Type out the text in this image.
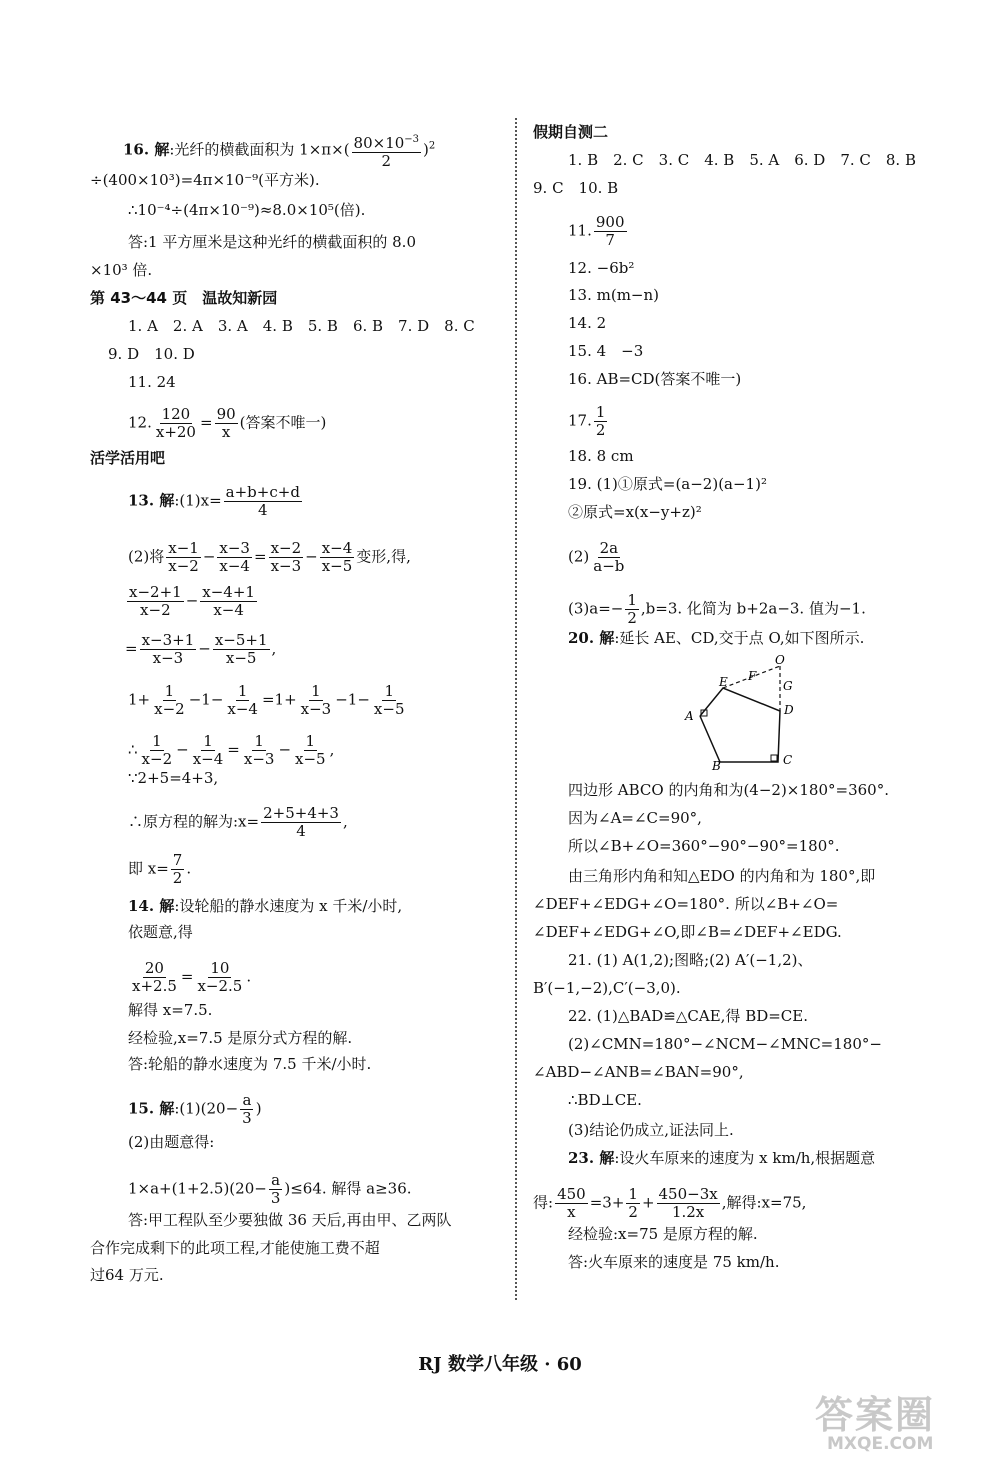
16. 解:光纤的横截面积为 $1\times\pi\times( \frac{80\times 10^{-3}}{2} )^2$
÷(400×10³)=4π×10⁻⁹(平方米).
∴10⁻⁴÷(4π×10⁻⁹)≈8.0×10⁵(倍).
答:1 平方厘米是这种光纤的横截面积的 8.0
×10³ 倍.
第 43～44 页　温故知新园
1. A　2. A　3. A　4. B　5. B　6. B　7. D　8. C
9. D　10. D
11. 24
12. $\frac{120}{x+20} = \frac{90}{x}$ (答案不唯一)
活学活用吧
13. 解:(1)x= $\frac{a+b+c+d}{4}$
(2)将 $\frac{x-1}{x-2} - \frac{x-3}{x-4} = \frac{x-2}{x-3} - \frac{x-4}{x-5}$ 变形,得,
$\frac{x-2+1}{x-2} - \frac{x-4+1}{x-4}$
= $\frac{x-3+1}{x-3} - \frac{x-5+1}{x-5}$ ,
$1+ \frac{1}{x-2} -1- \frac{1}{x-4} =1+ \frac{1}{x-3} -1- \frac{1}{x-5}$
∴ $\frac{1}{x-2} - \frac{1}{x-4} = \frac{1}{x-3} - \frac{1}{x-5}$ ,
∵2+5=4+3,
∴原方程的解为:x= $\frac{2+5+4+3}{4}$ ,
即 $x= \frac{7}{2}$ .
14. 解:设轮船的静水速度为 x 千米/小时,
依题意,得
$\frac{20}{x+2.5} = \frac{10}{x-2.5}$ .
解得 x=7.5.
经检验,x=7.5 是原分式方程的解.
答:轮船的静水速度为 7.5 千米/小时.
15. 解:(1)(20− $\frac{a}{3}$ )
(2)由题意得:
$1\times a+(1+2.5)(20- \frac{a}{3} )\le 64$. 解得 a≥36.
答:甲工程队至少要独做 36 天后,再由甲、乙两队
合作完成剩下的此项工程,才能使施工费不超
过64 万元.
假期自测二
1. B　2. C　3. C　4. B　5. A　6. D　7. C　8. B
9. C　10. B
11. $\frac{900}{7}$
12. −6b²
13. m(m−n)
14. 2
15. 4　−3
16. AB=CD(答案不唯一)
17. $\frac{1}{2}$
18. 8 cm
19. (1)①原式=(a−2)(a−1)²
②原式=x(x−y+z)²
$(2) \frac{2a}{a-b}$
$(3)a=- \frac{1}{2} ,b=3$. 化简为 b+2a−3. 值为−1.
20. 解:延长 AE、CD,交于点 O,如下图所示.
O
F
E	G
A	D
B	C
四边形 ABCO 的内角和为(4−2)×180°=360°.
因为∠A=∠C=90°,
所以∠B+∠O=360°−90°−90°=180°.
由三角形内角和知△EDO 的内角和为 180°,即
∠DEF+∠EDG+∠O=180°. 所以∠B+∠O=
∠DEF+∠EDG+∠O,即∠B=∠DEF+∠EDG.
21. (1) A(1,2);图略;(2) A′(−1,2)、
B′(−1,−2),C′(−3,0).
22. (1)△BAD≌△CAE,得 BD=CE.
(2)∠CMN=180°−∠NCM−∠MNC=180°−
∠ABD−∠ANB=∠BAN=90°,
∴BD⊥CE.
(3)结论仍成立,证法同上.
23. 解:设火车原来的速度为 x km/h,根据题意
得: $\frac{450}{x} =3+ \frac{1}{2} + \frac{450-3x}{1.2x}$ ,解得:x=75,
经检验:x=75 是原方程的解.
答:火车原来的速度是 75 km/h.
RJ 数学八年级 · 60
答案圈
MXQE.COM
